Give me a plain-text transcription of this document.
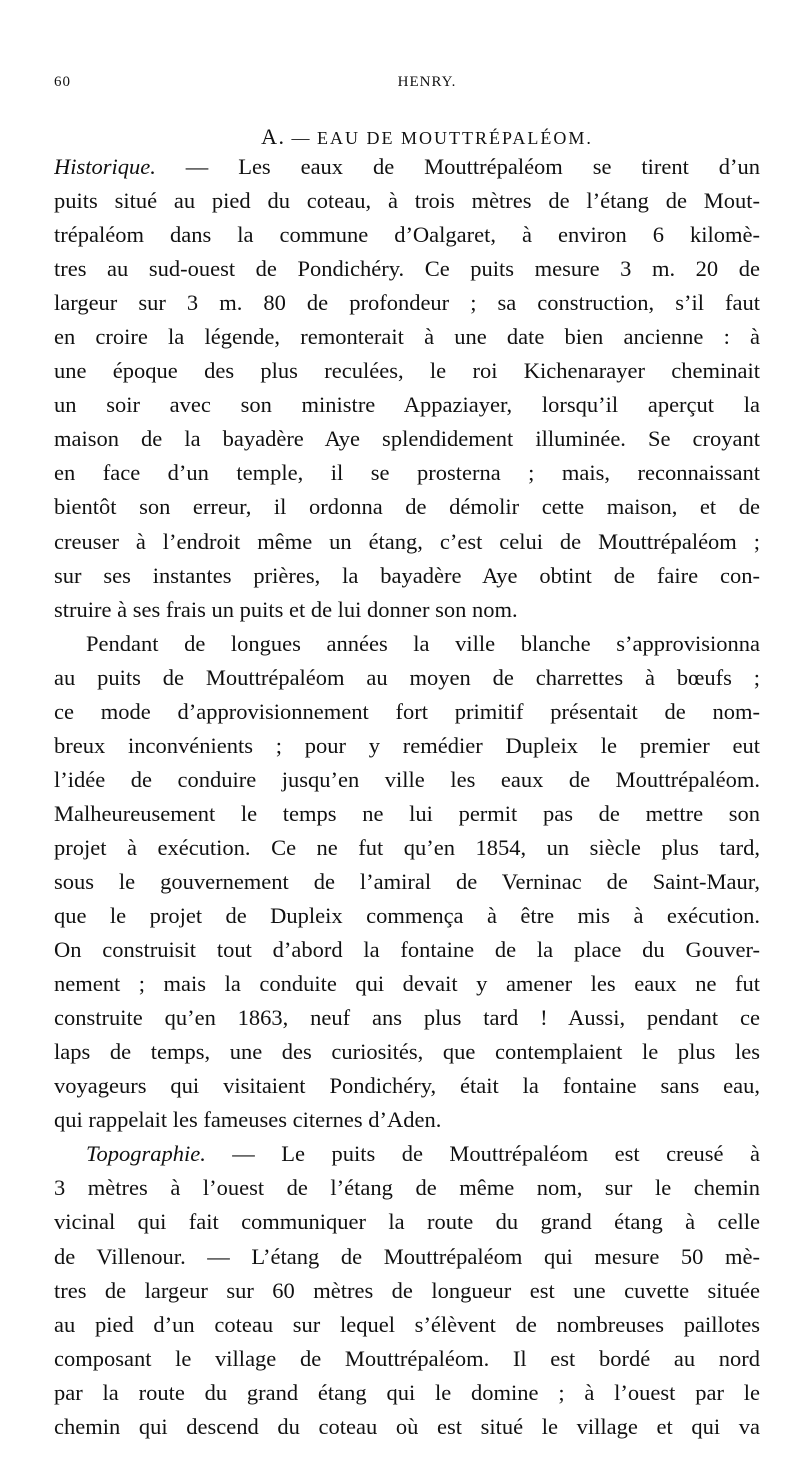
60	HENRY.
A. — EAU DE MOUTTRÉPALÉOM.
Historique. — Les eaux de Mouttrépaléom se tirent d’un
puits situé au pied du coteau, à trois mètres de l’étang de Mout-
trépaléom dans la commune d’Oalgaret, à environ 6 kilomè-
tres au sud-ouest de Pondichéry. Ce puits mesure 3 m. 20 de
largeur sur 3 m. 80 de profondeur ; sa construction, s’il faut
en croire la légende, remonterait à une date bien ancienne : à
une époque des plus reculées, le roi Kichenarayer cheminait
un soir avec son ministre Appaziayer, lorsqu’il aperçut la
maison de la bayadère Aye splendidement illuminée. Se croyant
en face d’un temple, il se prosterna ; mais, reconnaissant
bientôt son erreur, il ordonna de démolir cette maison, et de
creuser à l’endroit même un étang, c’est celui de Mouttrépaléom ;
sur ses instantes prières, la bayadère Aye obtint de faire con-
struire à ses frais un puits et de lui donner son nom.
Pendant de longues années la ville blanche s’approvisionna
au puits de Mouttrépaléom au moyen de charrettes à bœufs ;
ce mode d’approvisionnement fort primitif présentait de nom-
breux inconvénients ; pour y remédier Dupleix le premier eut
l’idée de conduire jusqu’en ville les eaux de Mouttrépaléom.
Malheureusement le temps ne lui permit pas de mettre son
projet à exécution. Ce ne fut qu’en 1854, un siècle plus tard,
sous le gouvernement de l’amiral de Verninac de Saint-Maur,
que le projet de Dupleix commença à être mis à exécution.
On construisit tout d’abord la fontaine de la place du Gouver-
nement ; mais la conduite qui devait y amener les eaux ne fut
construite qu’en 1863, neuf ans plus tard ! Aussi, pendant ce
laps de temps, une des curiosités, que contemplaient le plus les
voyageurs qui visitaient Pondichéry, était la fontaine sans eau,
qui rappelait les fameuses citernes d’Aden.
Topographie. — Le puits de Mouttrépaléom est creusé à
3 mètres à l’ouest de l’étang de même nom, sur le chemin
vicinal qui fait communiquer la route du grand étang à celle
de Villenour. — L’étang de Mouttrépaléom qui mesure 50 mè-
tres de largeur sur 60 mètres de longueur est une cuvette située
au pied d’un coteau sur lequel s’élèvent de nombreuses paillotes
composant le village de Mouttrépaléom. Il est bordé au nord
par la route du grand étang qui le domine ; à l’ouest par le
chemin qui descend du coteau où est situé le village et qui va
